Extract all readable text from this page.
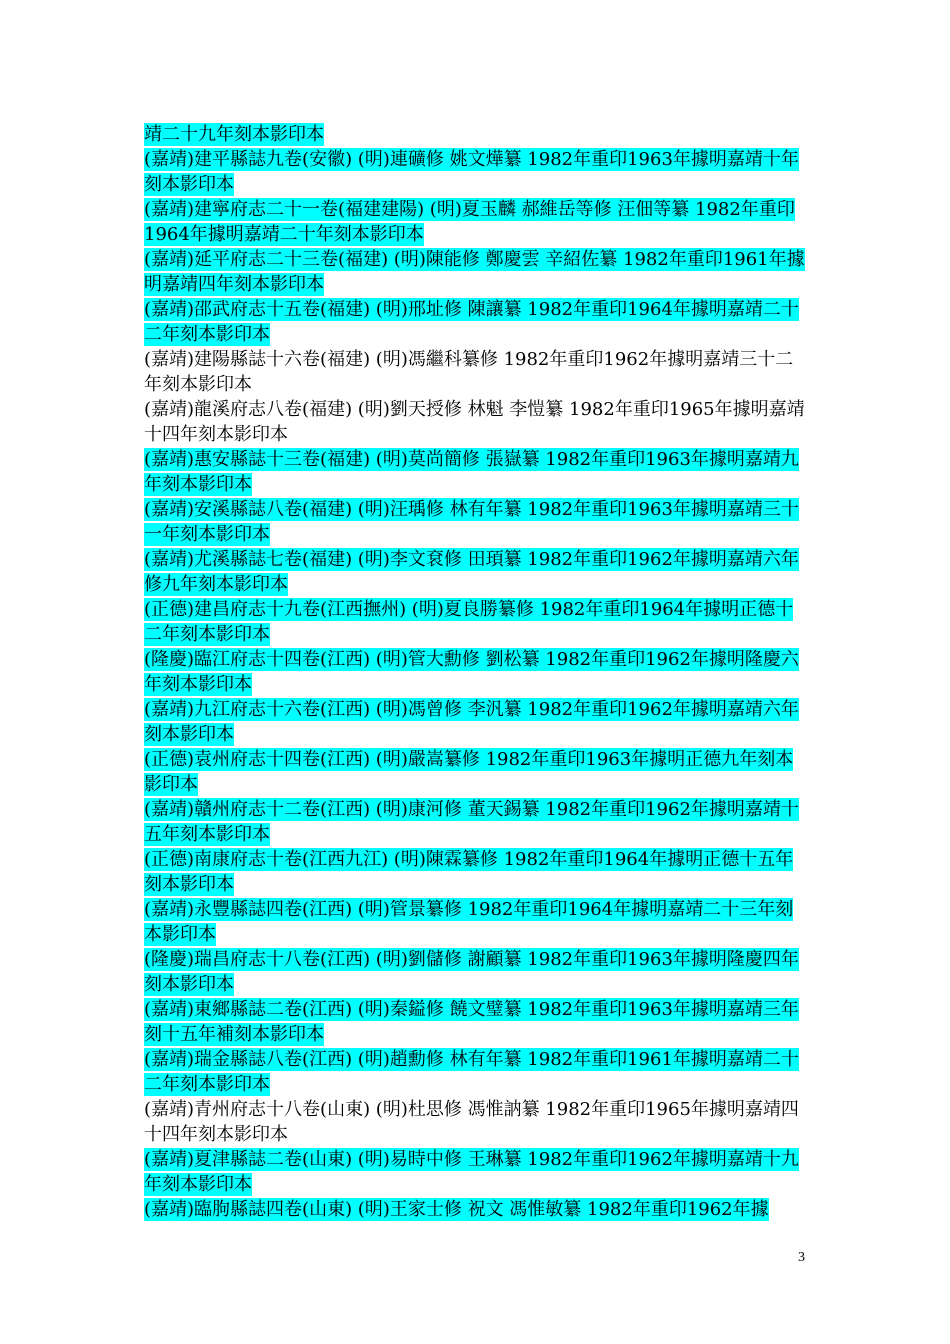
靖二十九年刻本影印本

(嘉靖)建平縣誌九卷(安徽) (明)連礦修 姚文燁纂 1982年重印1963年據明嘉靖十年刻本影印本

(嘉靖)建寧府志二十一卷(福建建陽) (明)夏玉麟 郝維岳等修 汪佃等纂 1982年重印1964年據明嘉靖二十年刻本影印本

(嘉靖)延平府志二十三卷(福建) (明)陳能修 鄭慶雲 辛紹佐纂 1982年重印1961年據明嘉靖四年刻本影印本

(嘉靖)邵武府志十五卷(福建) (明)邢址修 陳讓纂 1982年重印1964年據明嘉靖二十二年刻本影印本

(嘉靖)建陽縣誌十六卷(福建) (明)馮繼科纂修 1982年重印1962年據明嘉靖三十二年刻本影印本

(嘉靖)龍溪府志八卷(福建) (明)劉天授修 林魁 李愷纂 1982年重印1965年據明嘉靖十四年刻本影印本

(嘉靖)惠安縣誌十三卷(福建) (明)莫尚簡修 張嶽纂 1982年重印1963年據明嘉靖九年刻本影印本

(嘉靖)安溪縣誌八卷(福建) (明)汪瑀修 林有年纂 1982年重印1963年據明嘉靖三十一年刻本影印本

(嘉靖)尤溪縣誌七卷(福建) (明)李文袞修 田頊纂 1982年重印1962年據明嘉靖六年修九年刻本影印本

(正德)建昌府志十九卷(江西撫州) (明)夏良勝纂修 1982年重印1964年據明正德十二年刻本影印本

(隆慶)臨江府志十四卷(江西) (明)管大勳修 劉松纂 1982年重印1962年據明隆慶六年刻本影印本

(嘉靖)九江府志十六卷(江西) (明)馮曾修 李汎纂 1982年重印1962年據明嘉靖六年刻本影印本

(正德)袁州府志十四卷(江西) (明)嚴嵩纂修 1982年重印1963年據明正德九年刻本影印本

(嘉靖)贛州府志十二卷(江西) (明)康河修 董天錫纂 1982年重印1962年據明嘉靖十五年刻本影印本

(正德)南康府志十卷(江西九江) (明)陳霖纂修 1982年重印1964年據明正德十五年刻本影印本

(嘉靖)永豐縣誌四卷(江西) (明)管景纂修 1982年重印1964年據明嘉靖二十三年刻本影印本

(隆慶)瑞昌府志十八卷(江西) (明)劉儲修 謝顧纂 1982年重印1963年據明隆慶四年刻本影印本

(嘉靖)東鄉縣誌二卷(江西) (明)秦鎰修 饒文璧纂 1982年重印1963年據明嘉靖三年刻十五年補刻本影印本

(嘉靖)瑞金縣誌八卷(江西) (明)趙勳修 林有年纂 1982年重印1961年據明嘉靖二十二年刻本影印本

(嘉靖)青州府志十八卷(山東) (明)杜思修 馮惟訥纂 1982年重印1965年據明嘉靖四十四年刻本影印本

(嘉靖)夏津縣誌二卷(山東) (明)易時中修 王琳纂 1982年重印1962年據明嘉靖十九年刻本影印本

(嘉靖)臨朐縣誌四卷(山東) (明)王家士修 祝文 馮惟敏纂 1982年重印1962年據

3
